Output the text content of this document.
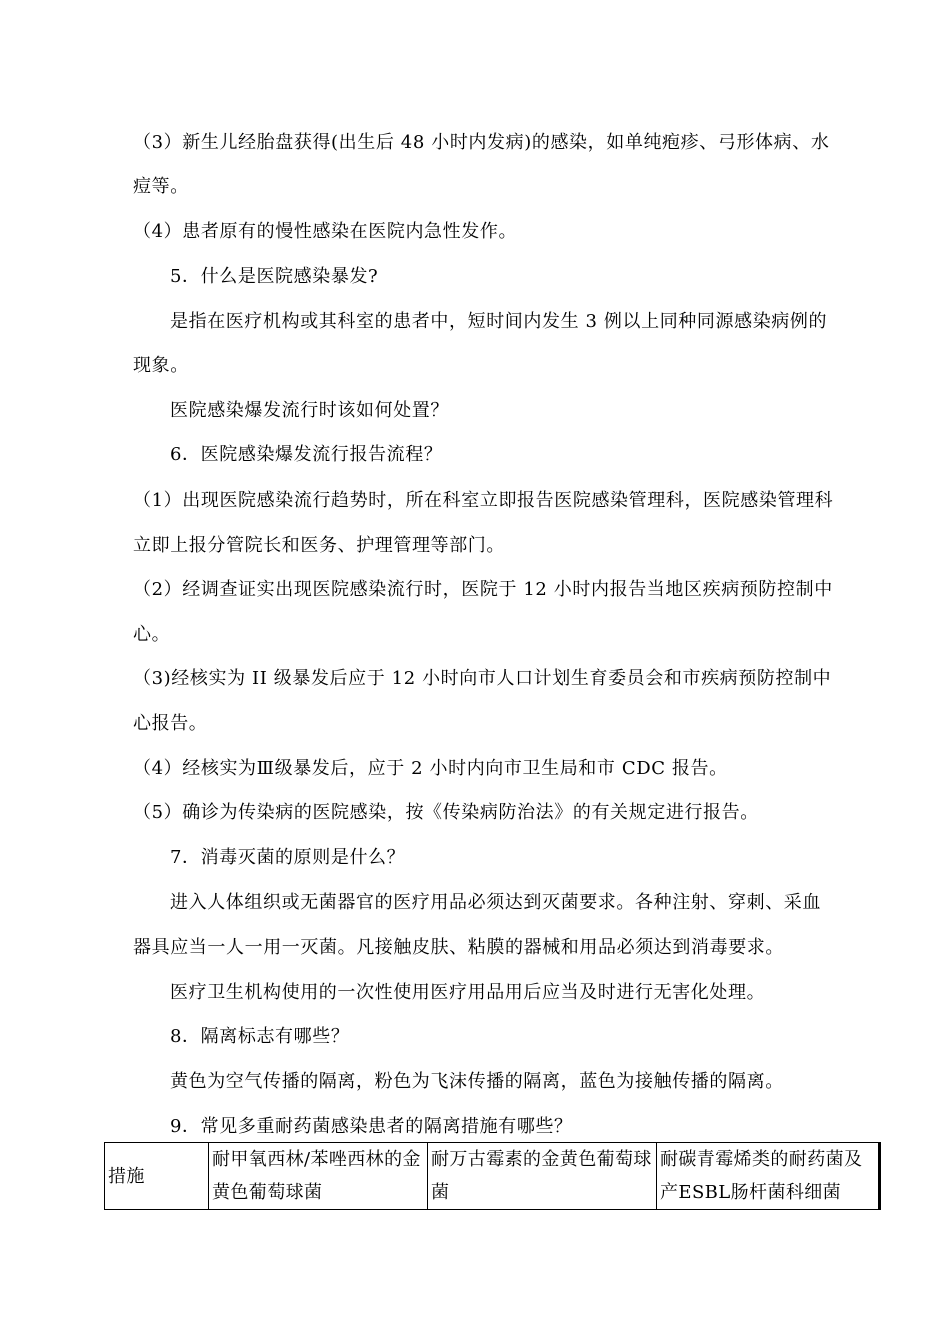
（3）新生儿经胎盘获得(出生后 48 小时内发病)的感染，如单纯疱疹、弓形体病、水
痘等。
（4）患者原有的慢性感染在医院内急性发作。
5．什么是医院感染暴发?
是指在医疗机构或其科室的患者中，短时间内发生 3 例以上同种同源感染病例的
现象。
医院感染爆发流行时该如何处置？
6．医院感染爆发流行报告流程？
（1）出现医院感染流行趋势时，所在科室立即报告医院感染管理科，医院感染管理科
立即上报分管院长和医务、护理管理等部门。
（2）经调查证实出现医院感染流行时，医院于 12 小时内报告当地区疾病预防控制中
心。
（3)经核实为 II 级暴发后应于 12 小时向市人口计划生育委员会和市疾病预防控制中
心报告。
（4）经核实为Ⅲ级暴发后，应于 2 小时内向市卫生局和市 CDC 报告。
（5）确诊为传染病的医院感染，按《传染病防治法》的有关规定进行报告。
7．消毒灭菌的原则是什么？
进入人体组织或无菌器官的医疗用品必须达到灭菌要求。各种注射、穿刺、采血
器具应当一人一用一灭菌。凡接触皮肤、粘膜的器械和用品必须达到消毒要求。
医疗卫生机构使用的一次性使用医疗用品用后应当及时进行无害化处理。
8．隔离标志有哪些？
黄色为空气传播的隔离，粉色为飞沫传播的隔离，蓝色为接触传播的隔离。
9．常见多重耐药菌感染患者的隔离措施有哪些？
措施	耐甲氧西林/苯唑西林的金黄色葡萄球菌	耐万古霉素的金黄色葡萄球菌	耐碳青霉烯类的耐药菌及产ESBL肠杆菌科细菌
